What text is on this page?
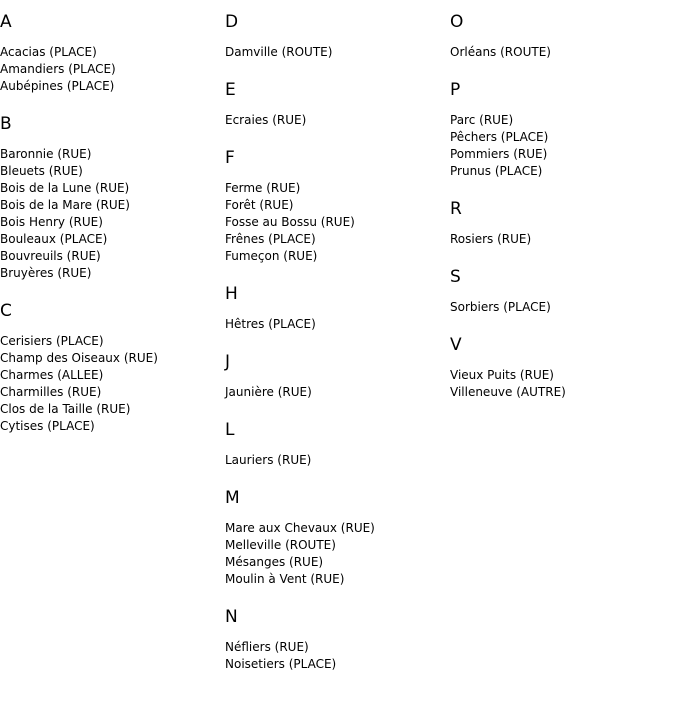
A
Acacias (PLACE)
Amandiers (PLACE)
Aubépines (PLACE)
B
Baronnie (RUE)
Bleuets (RUE)
Bois de la Lune (RUE)
Bois de la Mare (RUE)
Bois Henry (RUE)
Bouleaux (PLACE)
Bouvreuils (RUE)
Bruyères (RUE)
C
Cerisiers (PLACE)
Champ des Oiseaux (RUE)
Charmes (ALLEE)
Charmilles (RUE)
Clos de la Taille (RUE)
Cytises (PLACE)
D
Damville (ROUTE)
E
Ecraies (RUE)
F
Ferme (RUE)
Forêt (RUE)
Fosse au Bossu (RUE)
Frênes (PLACE)
Fumeçon (RUE)
H
Hêtres (PLACE)
J
Jaunière (RUE)
L
Lauriers (RUE)
M
Mare aux Chevaux (RUE)
Melleville (ROUTE)
Mésanges (RUE)
Moulin à Vent (RUE)
N
Néfliers (RUE)
Noisetiers (PLACE)
O
Orléans (ROUTE)
P
Parc (RUE)
Pêchers (PLACE)
Pommiers (RUE)
Prunus (PLACE)
R
Rosiers (RUE)
S
Sorbiers (PLACE)
V
Vieux Puits (RUE)
Villeneuve (AUTRE)
